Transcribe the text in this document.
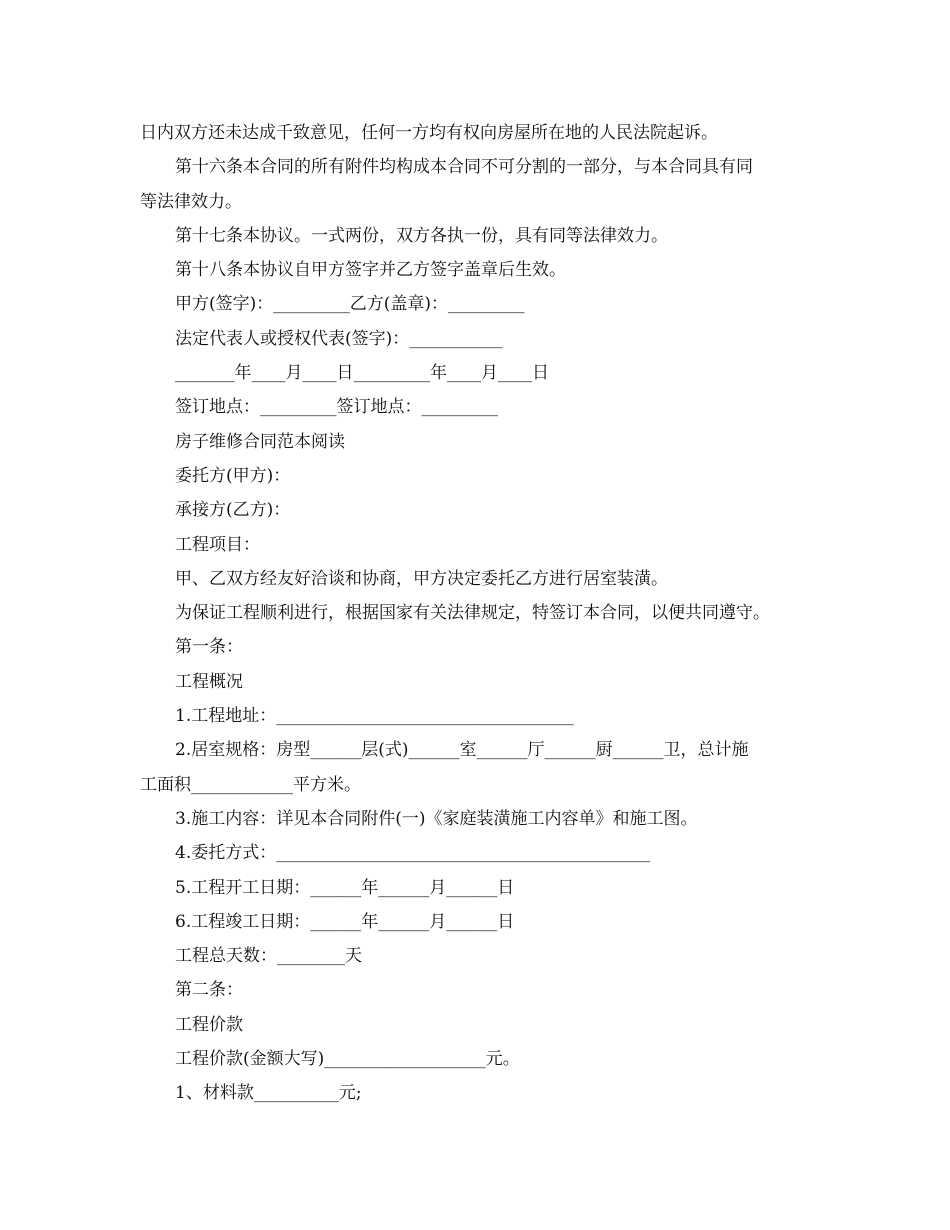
日内双方还未达成千致意见，任何一方均有权向房屋所在地的人民法院起诉。
第十六条本合同的所有附件均构成本合同不可分割的一部分，与本合同具有同
等法律效力。
第十七条本协议。一式两份，双方各执一份，具有同等法律效力。
第十八条本协议自甲方签字并乙方签字盖章后生效。
甲方(签字)：_________乙方(盖章)：_________
法定代表人或授权代表(签字)：___________
_______年____月____日_________年____月____日
签订地点：_________签订地点：_________
房子维修合同范本阅读
委托方(甲方)：
承接方(乙方)：
工程项目：
甲、乙双方经友好洽谈和协商，甲方决定委托乙方进行居室装潢。
为保证工程顺利进行，根据国家有关法律规定，特签订本合同，以便共同遵守。
第一条：
工程概况
1.工程地址：___________________________________
2.居室规格：房型______层(式)______室______厅______厨______卫，总计施
工面积____________平方米。
3.施工内容：详见本合同附件(一)《家庭装潢施工内容单》和施工图。
4.委托方式：____________________________________________
5.工程开工日期：______年______月______日
6.工程竣工日期：______年______月______日
工程总天数：________天
第二条：
工程价款
工程价款(金额大写)___________________元。
1、材料款__________元;
